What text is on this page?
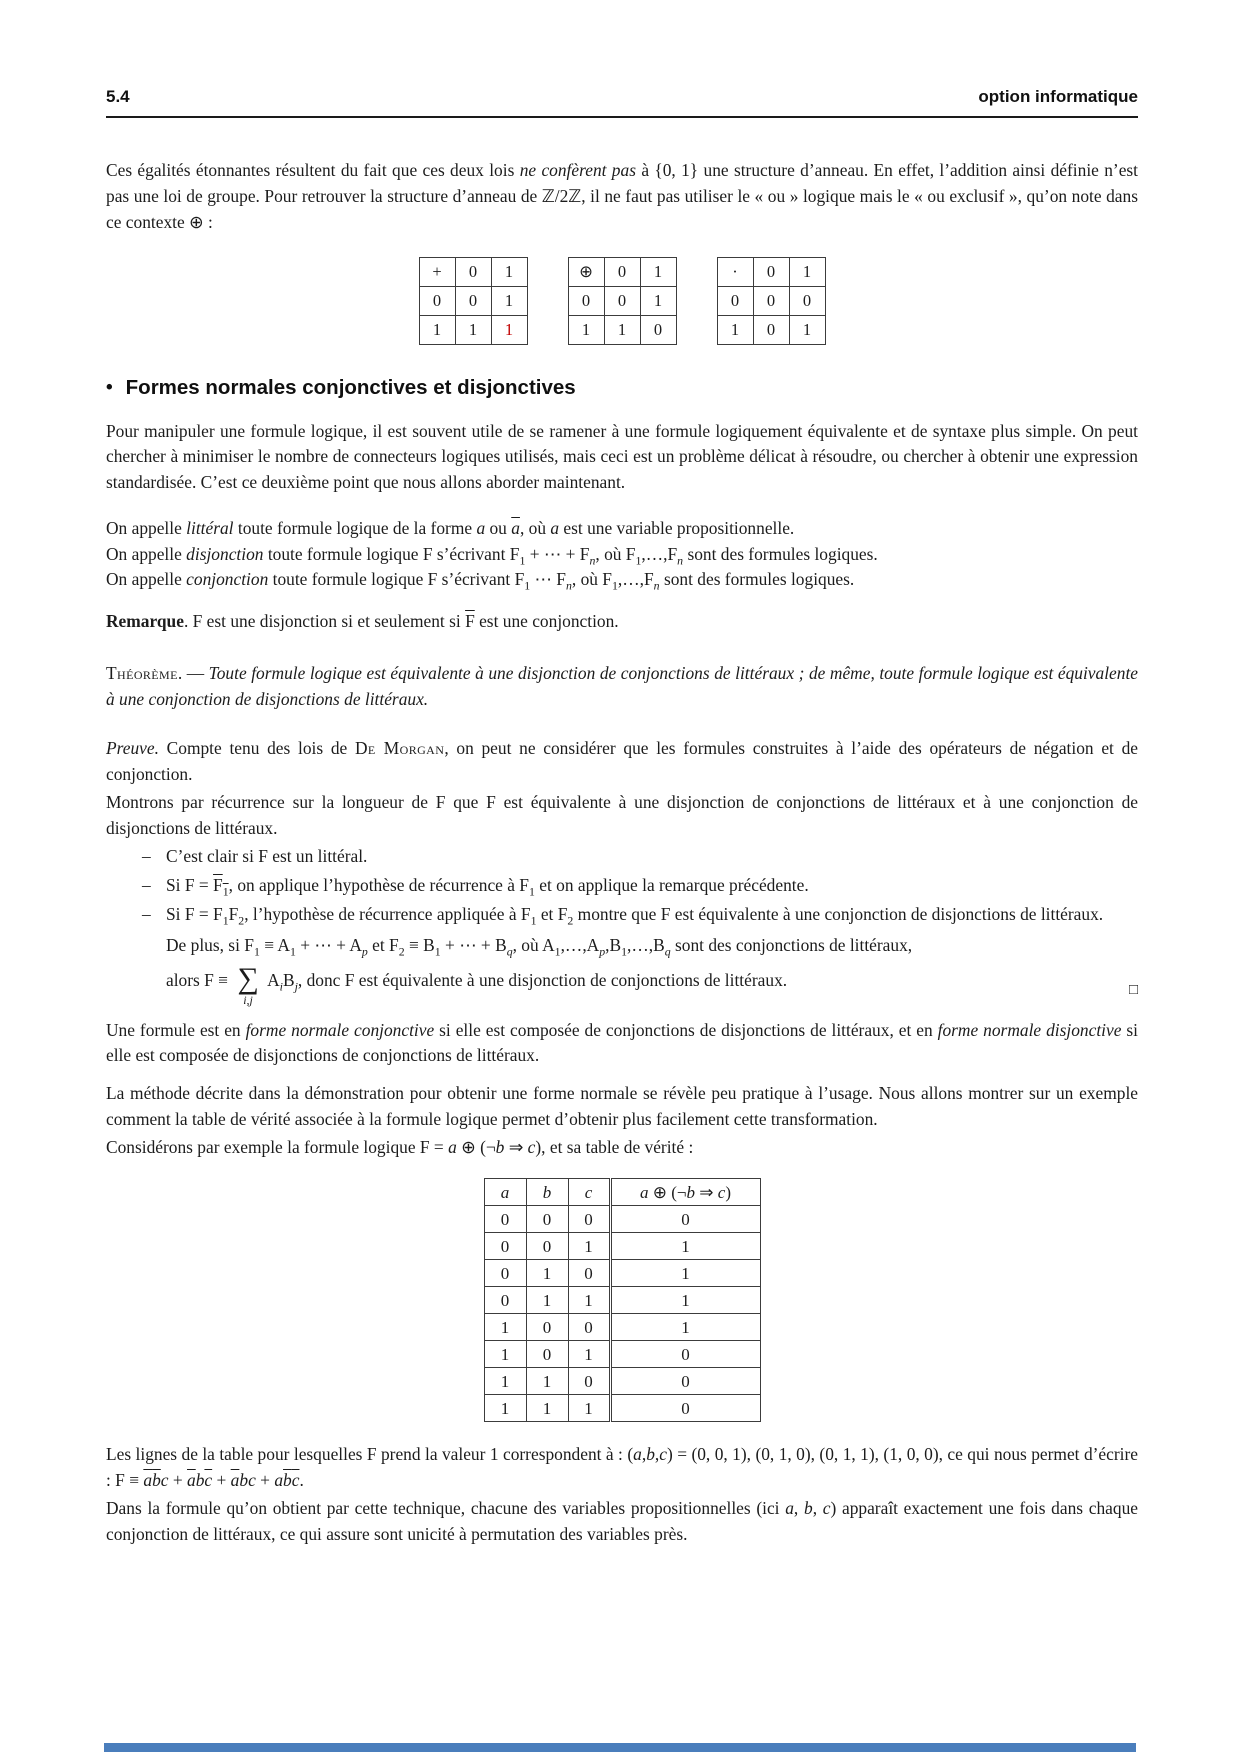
5.4	option informatique

Ces égalités étonnantes résultent du fait que ces deux lois ne confèrent pas à {0, 1} une structure d’anneau. En effet, l’addition ainsi définie n’est pas une loi de groupe. Pour retrouver la structure d’anneau de ℤ/2ℤ, il ne faut pas utiliser le « ou » logique mais le « ou exclusif », qu’on note dans ce contexte ⊕ :

+	0	1
0	0	1
1	1	1
⊕	0	1
0	0	1
1	1	0
·	0	1
0	0	0
1	0	1
• Formes normales conjonctives et disjonctives

Pour manipuler une formule logique, il est souvent utile de se ramener à une formule logiquement équivalente et de syntaxe plus simple. On peut chercher à minimiser le nombre de connecteurs logiques utilisés, mais ceci est un problème délicat à résoudre, ou chercher à obtenir une expression standardisée. C’est ce deuxième point que nous allons aborder maintenant.

On appelle littéral toute formule logique de la forme a ou $\overline{a}$, où a est une variable propositionnelle.

On appelle disjonction toute formule logique F s’écrivant $F_1$ + ⋯ + $F_n$, où $F_1,\dots,F_n$ sont des formules logiques.

On appelle conjonction toute formule logique F s’écrivant $F_1$ ⋯ $F_n$, où $F_1,\dots,F_n$ sont des formules logiques.

Remarque. F est une disjonction si et seulement si $\overline{F}$ est une conjonction.

Théorème. — Toute formule logique est équivalente à une disjonction de conjonctions de littéraux ; de même, toute formule logique est équivalente à une conjonction de disjonctions de littéraux.

Preuve. Compte tenu des lois de De Morgan, on peut ne considérer que les formules construites à l’aide des opérateurs de négation et de conjonction.

Montrons par récurrence sur la longueur de F que F est équivalente à une disjonction de conjonctions de littéraux et à une conjonction de disjonctions de littéraux.

– C’est clair si F est un littéral.

– Si $F = F_1$, on applique l’hypothèse de récurrence à $F_1$ et on applique la remarque précédente.

– Si $F = F_1F_2$, l’hypothèse de récurrence appliquée à $F_1$ et $F_2$ montre que F est équivalente à une conjonction de disjonctions de littéraux.

De plus, si $F_1 \equiv A_1$ + ⋯ + $A_p$ et $F_2 \equiv B_1$ + ⋯ + $B_q$, où $A_1,\dots,A_p,B_1,\dots,B_q$ sont des conjonctions de littéraux,

alors F ≡ ∑
i,j
$A_iB_j$, donc F est équivalente à une disjonction de conjonctions de littéraux.	□

Une formule est en forme normale conjonctive si elle est composée de conjonctions de disjonctions de littéraux, et en forme normale disjonctive si elle est composée de disjonctions de conjonctions de littéraux.

La méthode décrite dans la démonstration pour obtenir une forme normale se révèle peu pratique à l’usage. Nous allons montrer sur un exemple comment la table de vérité associée à la formule logique permet d’obtenir plus facilement cette transformation.

Considérons par exemple la formule logique F = a ⊕ (¬b ⇒ c), et sa table de vérité :

a	b	c	a ⊕ (¬b ⇒ c)
0	0	0	0
0	0	1	1
0	1	0	1
0	1	1	1
1	0	0	1
1	0	1	0
1	1	0	0
1	1	1	0

Les lignes de la table pour lesquelles F prend la valeur 1 correspondent à : (a,b,c) = (0, 0, 1), (0, 1, 0), (0, 1, 1), (1, 0, 0), ce qui nous permet d’écrire : $F \equiv \overline{a}\overline{b}c + \overline{a}b\overline{c} + \overline{a}bc + a\overline{b}\overline{c}$.

Dans la formule qu’on obtient par cette technique, chacune des variables propositionnelles (ici a, b, c) apparaît exactement une fois dans chaque conjonction de littéraux, ce qui assure sont unicité à permutation des variables près.
